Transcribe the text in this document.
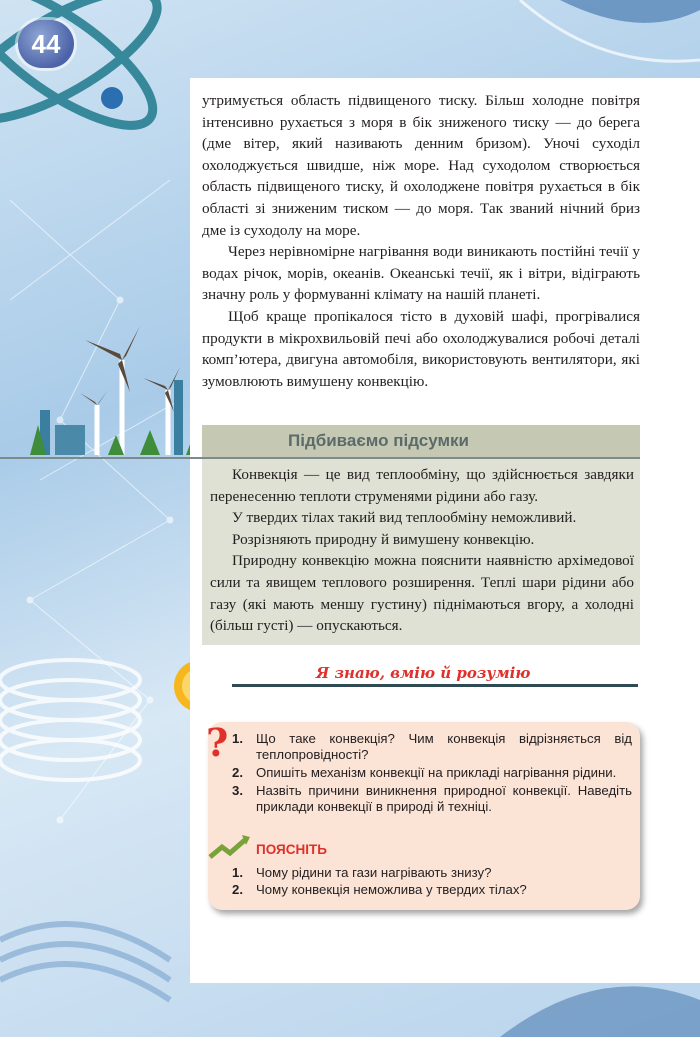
44

утримується область підвищеного тиску. Більш холодне повітря інтенсивно рухається з моря в бік зниженого тиску — до берега (дме вітер, який називають денним бризом). Уночі суходіл охолоджується швидше, ніж море. Над суходолом створюється область підвищеного тиску, й охолоджене повітря рухається в бік області зі зниженим тиском — до моря. Так званий нічний бриз дме із суходолу на море.

Через нерівномірне нагрівання води виникають постійні течії у водах річок, морів, океанів. Океанські течії, як і вітри, відіграють значну роль у формуванні клімату на нашій планеті.

Щоб краще пропікалося тісто в духовій шафі, прогрівалися продукти в мікрохвильовій печі або охолоджувалися робочі деталі комп’ютера, двигуна автомобіля, використовують вентилятори, які зумовлюють вимушену конвекцію.

Підбиваємо підсумки

Конвекція — це вид теплообміну, що здійснюється завдяки перенесенню теплоти струменями рідини або газу.

У твердих тілах такий вид теплообміну неможливий.

Розрізняють природну й вимушену конвекцію.

Природну конвекцію можна пояснити наявністю архімедової сили та явищем теплового розширення. Теплі шари рідини або газу (які мають меншу густину) піднімаються вгору, а холодні (більш густі) — опускаються.

Я знаю, вмію й розумію
? 1. Що таке конвекція? Чим конвекція відрізняється від теплопровідності?
2. Опишіть механізм конвекції на прикладі нагрівання рідини.
3. Назвіть причини виникнення природної конвекції. Наведіть приклади конвекції в природі й техніці.
ПОЯСНІТЬ
1. Чому рідини та гази нагрівають знизу?
2. Чому конвекція неможлива у твердих тілах?
